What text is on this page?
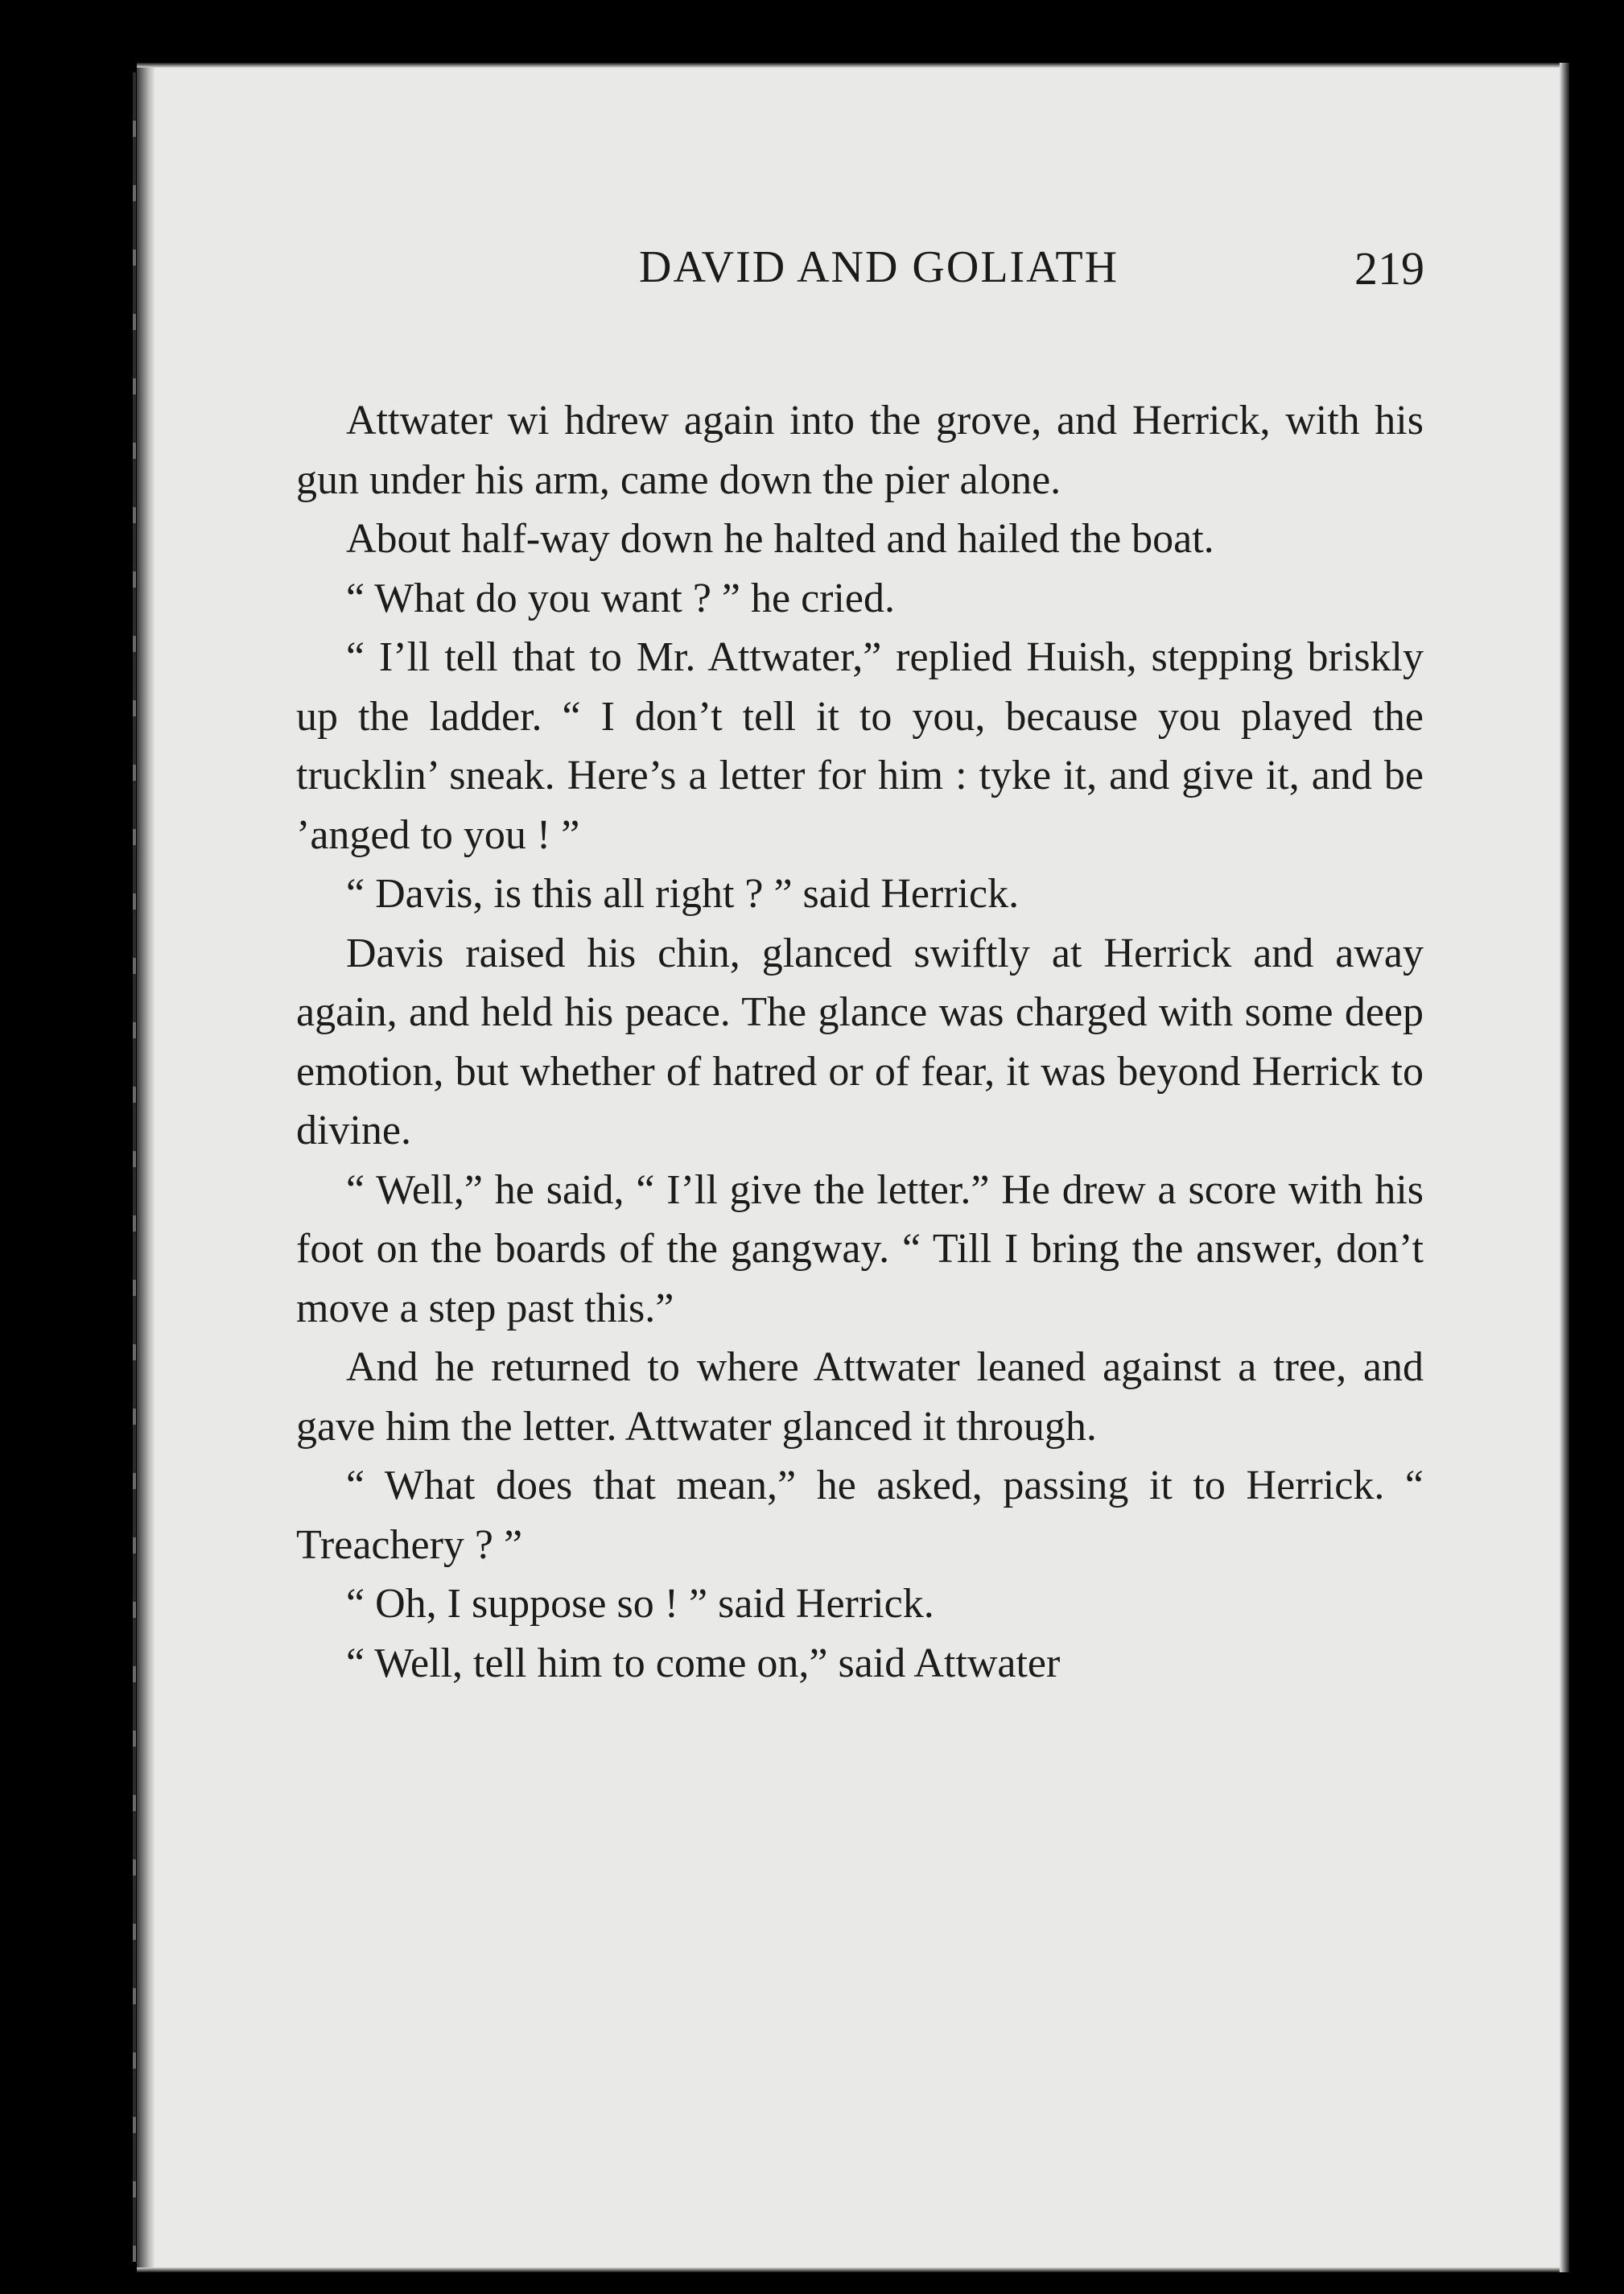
DAVID AND GOLIATH	219

Attwater wi hdrew again into the grove, and Herrick, with his gun under his arm, came down the pier alone.

About half-way down he halted and hailed the boat.

“ What do you want ? ” he cried.

“ I’ll tell that to Mr. Attwater,” replied Huish, stepping briskly up the ladder. “ I don’t tell it to you, because you played the trucklin’ sneak. Here’s a letter for him : tyke it, and give it, and be ’anged to you ! ”

“ Davis, is this all right ? ” said Herrick.

Davis raised his chin, glanced swiftly at Herrick and away again, and held his peace. The glance was charged with some deep emotion, but whether of hatred or of fear, it was beyond Herrick to divine.

“ Well,” he said, “ I’ll give the letter.” He drew a score with his foot on the boards of the gangway. “ Till I bring the answer, don’t move a step past this.”

And he returned to where Attwater leaned against a tree, and gave him the letter. Attwater glanced it through.

“ What does that mean,” he asked, passing it to Herrick. “ Treachery ? ”

“ Oh, I suppose so ! ” said Herrick.

“ Well, tell him to come on,” said Attwater
